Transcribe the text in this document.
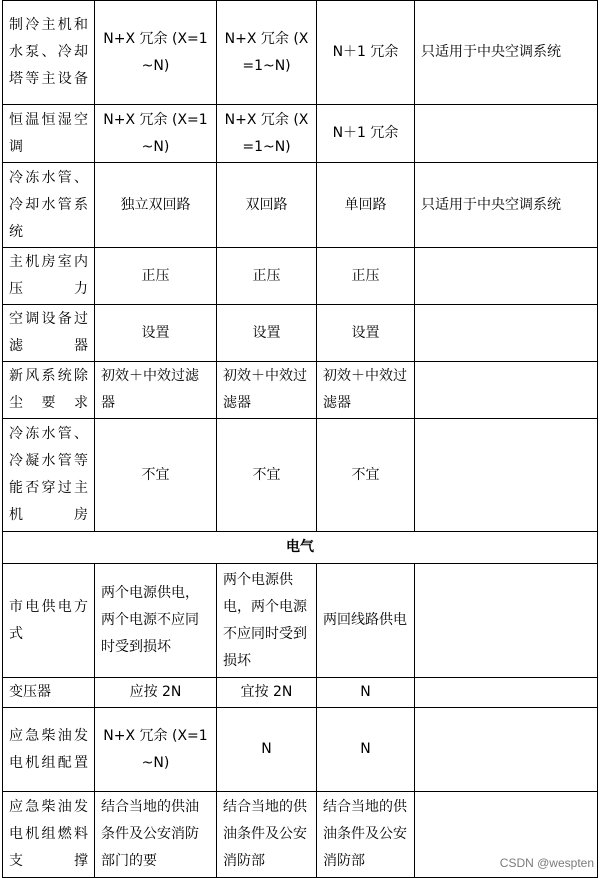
制冷主机和水泵、冷却塔等主设备	N+X 冗余 (X=1~N)	N+X 冗余 (X=1~N)	N＋1 冗余	只适用于中央空调系统
恒温恒湿空调	N+X 冗余 (X=1~N)	N+X 冗余 (X=1~N)	N＋1 冗余	
冷冻水管、冷却水管系统	独立双回路	双回路	单回路	只适用于中央空调系统
主机房室内压力	正压	正压	正压	
空调设备过滤器	设置	设置	设置	
新风系统除尘要求	初效＋中效过滤器	初效＋中效过滤器	初效＋中效过滤器	
冷冻水管、冷凝水管等能否穿过主机房	不宜	不宜	不宜	
电气				
市电供电方式	两个电源供电，两个电源不应同时受到损坏	两个电源供电，两个电源不应同时受到损坏	两回线路供电	
变压器	应按 2N	宜按 2N	N	
应急柴油发电机组配置	N+X 冗余 (X=1~N)	N	N	
应急柴油发电机组燃料支撑	结合当地的供油条件及公安消防部门的要	结合当地的供油条件及公安消防部	结合当地的供油条件及公安消防部		CSDN @wespten
